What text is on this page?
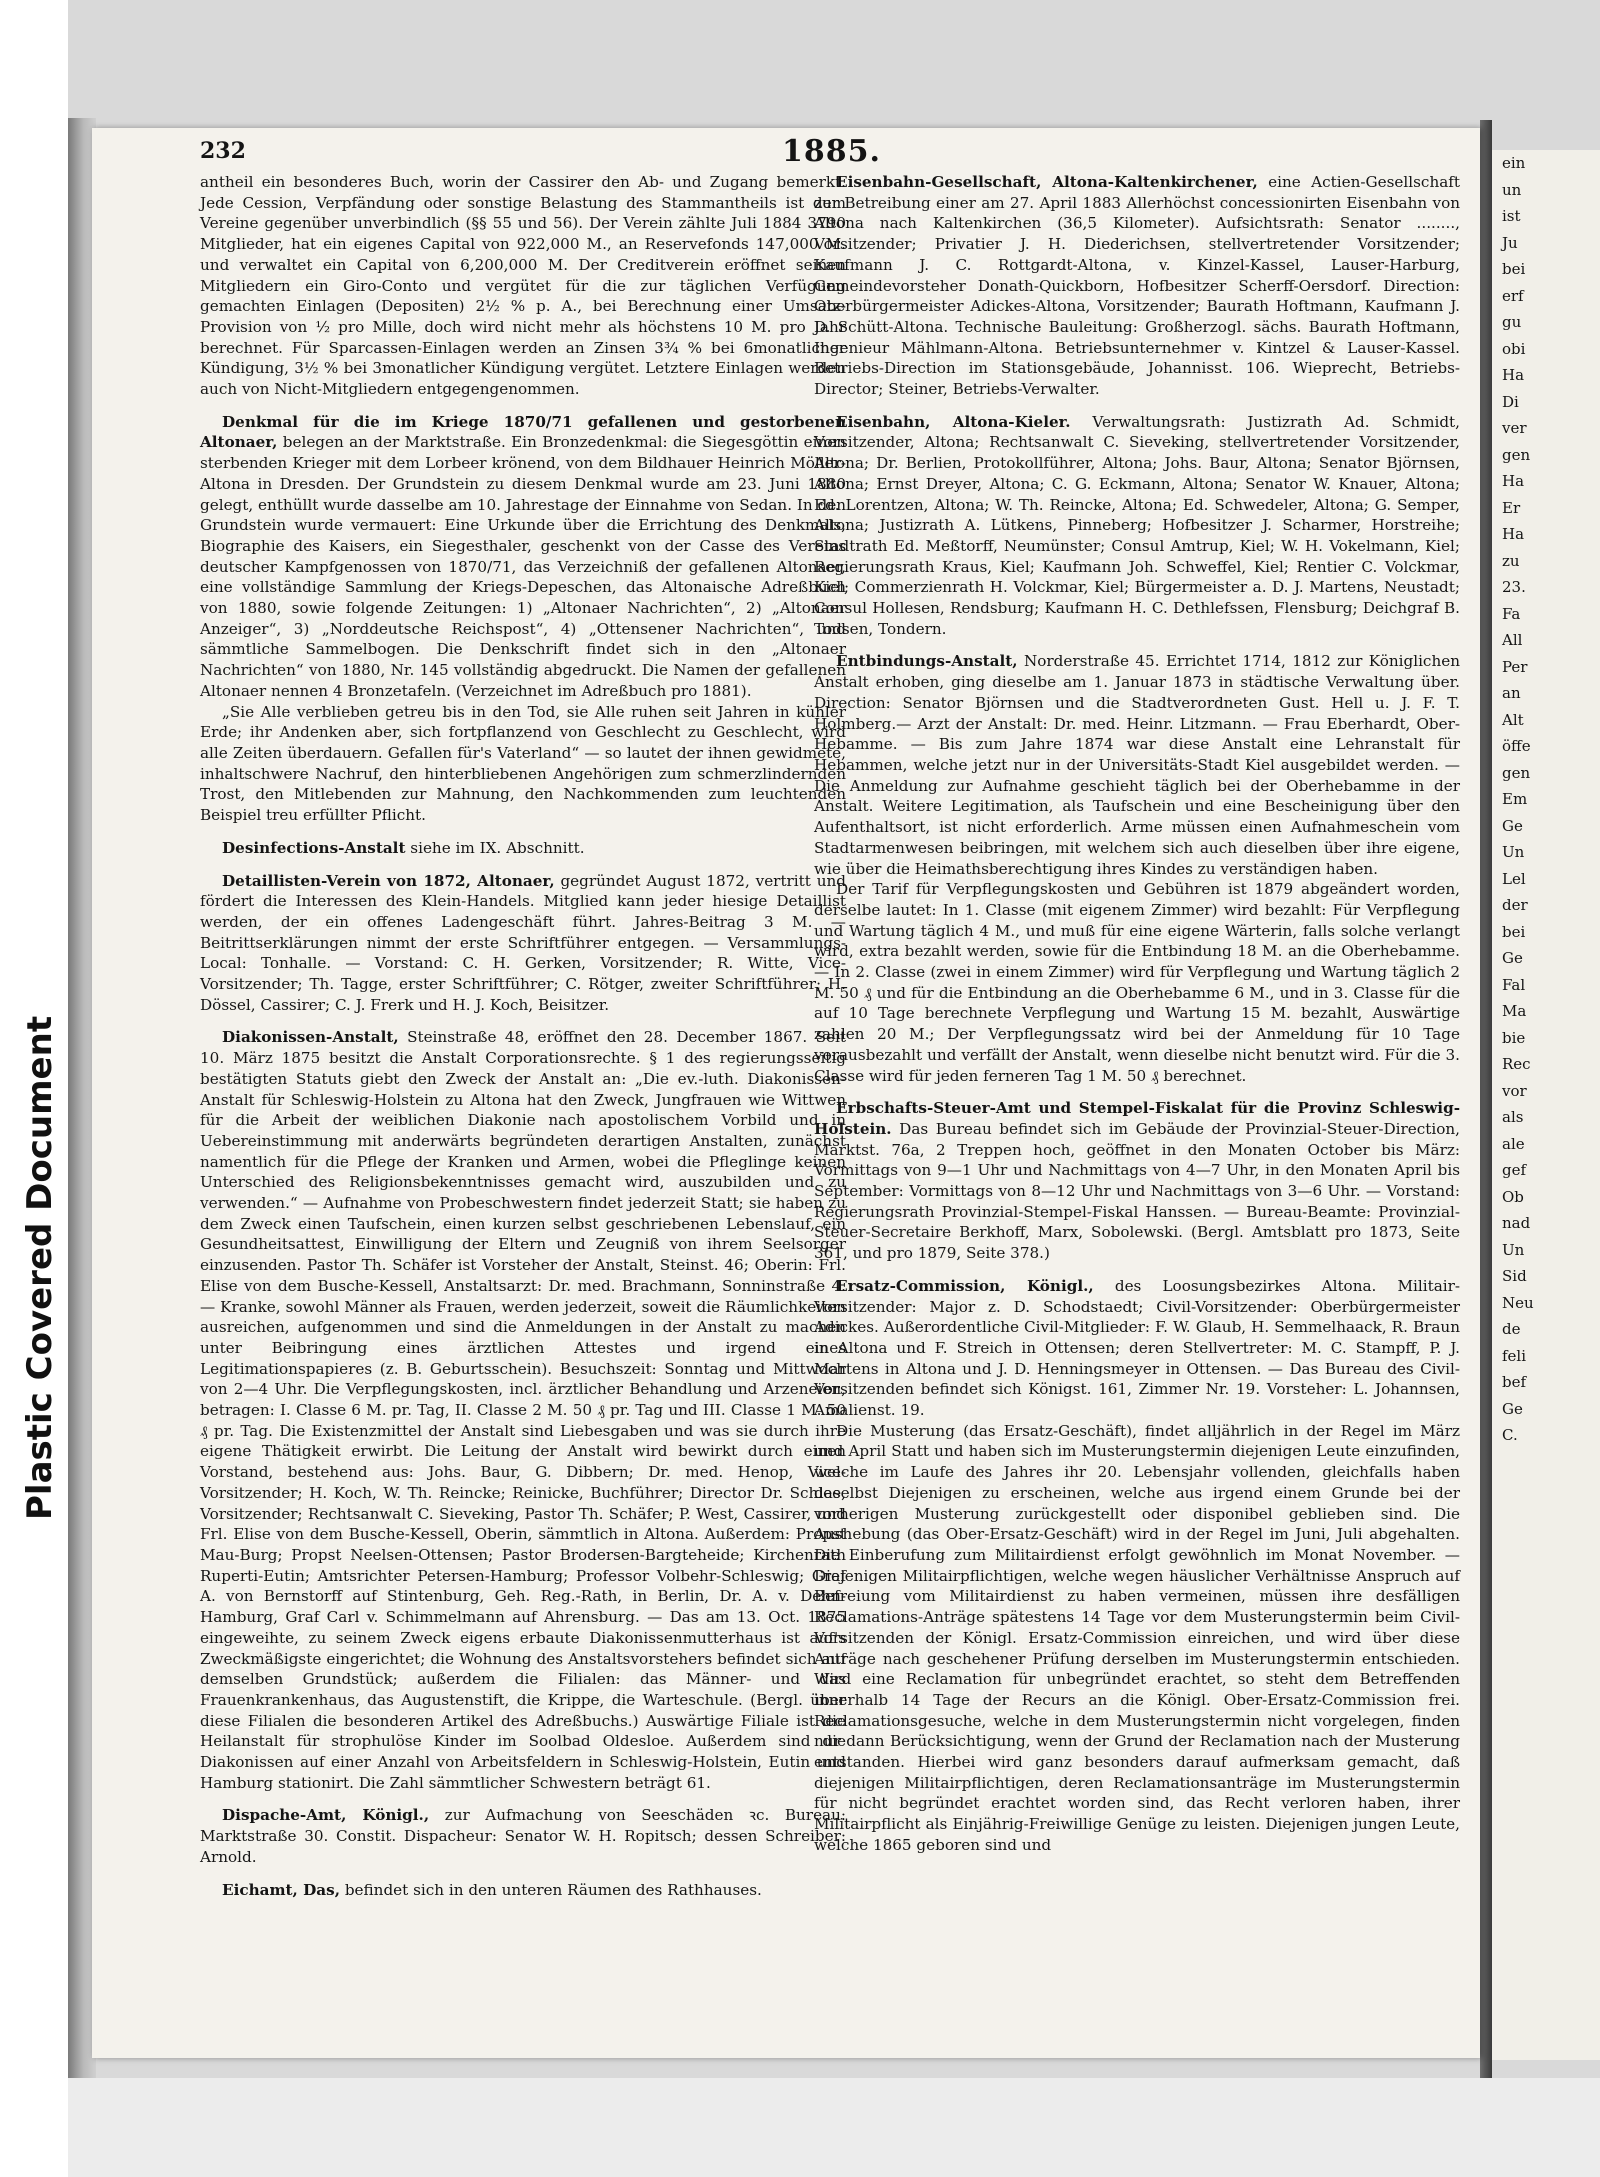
Plastic Covered Document
ein
un
ist
Ju
bei
erf
gu
obi
Ha
Di
ver
gen
Ha
Er
Ha
zu
23.
Fa
All
Per
an
Alt
öffe
gen
Em
Ge
Un
Lel
der
bei
Ge
Fal
Ma
bie
Rec
vor
als
ale
gef
Ob
nad
Un
Sid
Neu
de
feli
bef
Ge
C.
232	1885.
antheil ein besonderes Buch, worin der Cassirer den Ab- und Zugang bemerkt. Jede Cession, Verpfändung oder sonstige Belastung des Stammantheils ist dem Vereine gegenüber unverbindlich (§§ 55 und 56). Der Verein zählte Juli 1884 3790 Mitglieder, hat ein eigenes Capital von 922,000 M., an Reservefonds 147,000 M. und verwaltet ein Capital von 6,200,000 M. Der Creditverein eröffnet seinen Mitgliedern ein Giro-Conto und vergütet für die zur täglichen Verfügung gemachten Einlagen (Depositen) 2½ % p. A., bei Berechnung einer Umsatz-Provision von ½ pro Mille, doch wird nicht mehr als höchstens 10 M. pro Jahr berechnet. Für Sparcassen-Einlagen werden an Zinsen 3¾ % bei 6monatlicher Kündigung, 3½ % bei 3monatlicher Kündigung vergütet. Letztere Einlagen werden auch von Nicht-Mitgliedern entgegengenommen.
Denkmal für die im Kriege 1870/71 gefallenen und gestorbenen Altonaer, belegen an der Marktstraße. Ein Bronzedenkmal: die Siegesgöttin einen sterbenden Krieger mit dem Lorbeer krönend, von dem Bildhauer Heinrich Möller-Altona in Dresden. Der Grundstein zu diesem Denkmal wurde am 23. Juni 1880 gelegt, enthüllt wurde dasselbe am 10. Jahrestage der Einnahme von Sedan. In den Grundstein wurde vermauert: Eine Urkunde über die Errichtung des Denkmals, Biographie des Kaisers, ein Siegesthaler, geschenkt von der Casse des Vereins deutscher Kampfgenossen von 1870/71, das Verzeichniß der gefallenen Altonaer, eine vollständige Sammlung der Kriegs-Depeschen, das Altonaische Adreßbuch von 1880, sowie folgende Zeitungen: 1) „Altonaer Nachrichten“, 2) „Altonaer Anzeiger“, 3) „Norddeutsche Reichspost“, 4) „Ottensener Nachrichten“, und sämmtliche Sammelbogen. Die Denkschrift findet sich in den „Altonaer Nachrichten“ von 1880, Nr. 145 vollständig abgedruckt. Die Namen der gefallenen Altonaer nennen 4 Bronzetafeln. (Verzeichnet im Adreßbuch pro 1881).
„Sie Alle verblieben getreu bis in den Tod, sie Alle ruhen seit Jahren in kühler Erde; ihr Andenken aber, sich fortpflanzend von Geschlecht zu Geschlecht, wird alle Zeiten überdauern. Gefallen für's Vaterland“ — so lautet der ihnen gewidmete, inhaltschwere Nachruf, den hinterbliebenen Angehörigen zum schmerzlindernden Trost, den Mitlebenden zur Mahnung, den Nachkommenden zum leuchtenden Beispiel treu erfüllter Pflicht.
Desinfections-Anstalt siehe im IX. Abschnitt.
Detaillisten-Verein von 1872, Altonaer, gegründet August 1872, vertritt und fördert die Interessen des Klein-Handels. Mitglied kann jeder hiesige Detaillist werden, der ein offenes Ladengeschäft führt. Jahres-Beitrag 3 M. — Beitrittserklärungen nimmt der erste Schriftführer entgegen. — Versammlungs-Local: Tonhalle. — Vorstand: C. H. Gerken, Vorsitzender; R. Witte, Vice-Vorsitzender; Th. Tagge, erster Schriftführer; C. Rötger, zweiter Schriftführer; H. Dössel, Cassirer; C. J. Frerk und H. J. Koch, Beisitzer.
Diakonissen-Anstalt, Steinstraße 48, eröffnet den 28. December 1867. Seit 10. März 1875 besitzt die Anstalt Corporationsrechte. § 1 des regierungsseitig bestätigten Statuts giebt den Zweck der Anstalt an: „Die ev.-luth. Diakonissen-Anstalt für Schleswig-Holstein zu Altona hat den Zweck, Jungfrauen wie Wittwen für die Arbeit der weiblichen Diakonie nach apostolischem Vorbild und in Uebereinstimmung mit anderwärts begründeten derartigen Anstalten, zunächst namentlich für die Pflege der Kranken und Armen, wobei die Pfleglinge keinen Unterschied des Religionsbekenntnisses gemacht wird, auszubilden und zu verwenden.“ — Aufnahme von Probeschwestern findet jederzeit Statt; sie haben zu dem Zweck einen Taufschein, einen kurzen selbst geschriebenen Lebenslauf, ein Gesundheitsattest, Einwilligung der Eltern und Zeugniß von ihrem Seelsorger einzusenden. Pastor Th. Schäfer ist Vorsteher der Anstalt, Steinst. 46; Oberin: Frl. Elise von dem Busche-Kessell, Anstaltsarzt: Dr. med. Brachmann, Sonninstraße 4. — Kranke, sowohl Männer als Frauen, werden jederzeit, soweit die Räumlichkeiten ausreichen, aufgenommen und sind die Anmeldungen in der Anstalt zu machen unter Beibringung eines ärztlichen Attestes und irgend eines Legitimationspapieres (z. B. Geburtsschein). Besuchszeit: Sonntag und Mittwoch von 2—4 Uhr. Die Verpflegungskosten, incl. ärztlicher Behandlung und Arzeneien, betragen: I. Classe 6 M. pr. Tag, II. Classe 2 M. 50 ₰ pr. Tag und III. Classe 1 M. 50 ₰ pr. Tag. Die Existenzmittel der Anstalt sind Liebesgaben und was sie durch ihre eigene Thätigkeit erwirbt. Die Leitung der Anstalt wird bewirkt durch einen Vorstand, bestehend aus: Johs. Baur, G. Dibbern; Dr. med. Henop, Vice-Vorsitzender; H. Koch, W. Th. Reincke; Reinicke, Buchführer; Director Dr. Schlee, Vorsitzender; Rechtsanwalt C. Sieveking, Pastor Th. Schäfer; P. West, Cassirer, und Frl. Elise von dem Busche-Kessell, Oberin, sämmtlich in Altona. Außerdem: Propst Mau-Burg; Propst Neelsen-Ottensen; Pastor Brodersen-Bargteheide; Kirchenrath Ruperti-Eutin; Amtsrichter Petersen-Hamburg; Professor Volbehr-Schleswig; Graf A. von Bernstorff auf Stintenburg, Geh. Reg.-Rath, in Berlin, Dr. A. v. Dehn-Hamburg, Graf Carl v. Schimmelmann auf Ahrensburg. — Das am 13. Oct. 1875 eingeweihte, zu seinem Zweck eigens erbaute Diakonissenmutterhaus ist auf's Zweckmäßigste eingerichtet; die Wohnung des Anstaltsvorstehers befindet sich auf demselben Grundstück; außerdem die Filialen: das Männer- und das Frauenkrankenhaus, das Augustenstift, die Krippe, die Warteschule. (Bergl. über diese Filialen die besonderen Artikel des Adreßbuchs.) Auswärtige Filiale ist die Heilanstalt für strophulöse Kinder im Soolbad Oldesloe. Außerdem sind die Diakonissen auf einer Anzahl von Arbeitsfeldern in Schleswig-Holstein, Eutin und Hamburg stationirt. Die Zahl sämmtlicher Schwestern beträgt 61.
Dispache-Amt, Königl., zur Aufmachung von Seeschäden ꝛc. Bureau: Marktstraße 30. Constit. Dispacheur: Senator W. H. Ropitsch; dessen Schreiber: Arnold.
Eichamt, Das, befindet sich in den unteren Räumen des Rathhauses.
Eisenbahn-Gesellschaft, Altona-Kaltenkirchener, eine Actien-Gesellschaft zur Betreibung einer am 27. April 1883 Allerhöchst concessionirten Eisenbahn von Altona nach Kaltenkirchen (36,5 Kilometer). Aufsichtsrath: Senator ........, Vorsitzender; Privatier J. H. Diederichsen, stellvertretender Vorsitzender; Kaufmann J. C. Rottgardt-Altona, v. Kinzel-Kassel, Lauser-Harburg, Gemeindevorsteher Donath-Quickborn, Hofbesitzer Scherff-Oersdorf. Direction: Oberbürgermeister Adickes-Altona, Vorsitzender; Baurath Hoftmann, Kaufmann J. D. Schütt-Altona. Technische Bauleitung: Großherzogl. sächs. Baurath Hoftmann, Ingenieur Mählmann-Altona. Betriebsunternehmer v. Kintzel & Lauser-Kassel. Betriebs-Direction im Stationsgebäude, Johannisst. 106. Wieprecht, Betriebs-Director; Steiner, Betriebs-Verwalter.
Eisenbahn, Altona-Kieler. Verwaltungsrath: Justizrath Ad. Schmidt, Vorsitzender, Altona; Rechtsanwalt C. Sieveking, stellvertretender Vorsitzender, Altona; Dr. Berlien, Protokollführer, Altona; Johs. Baur, Altona; Senator Björnsen, Altona; Ernst Dreyer, Altona; C. G. Eckmann, Altona; Senator W. Knauer, Altona; Ed. Lorentzen, Altona; W. Th. Reincke, Altona; Ed. Schwedeler, Altona; G. Semper, Altona; Justizrath A. Lütkens, Pinneberg; Hofbesitzer J. Scharmer, Horstreihe; Stadtrath Ed. Meßtorff, Neumünster; Consul Amtrup, Kiel; W. H. Vokelmann, Kiel; Regierungsrath Kraus, Kiel; Kaufmann Joh. Schweffel, Kiel; Rentier C. Volckmar, Kiel; Commerzienrath H. Volckmar, Kiel; Bürgermeister a. D. J. Martens, Neustadt; Consul Hollesen, Rendsburg; Kaufmann H. C. Dethlefssen, Flensburg; Deichgraf B. Todsen, Tondern.
Entbindungs-Anstalt, Norderstraße 45. Errichtet 1714, 1812 zur Königlichen Anstalt erhoben, ging dieselbe am 1. Januar 1873 in städtische Verwaltung über. Direction: Senator Björnsen und die Stadtverordneten Gust. Hell u. J. F. T. Holmberg.— Arzt der Anstalt: Dr. med. Heinr. Litzmann. — Frau Eberhardt, Ober-Hebamme. — Bis zum Jahre 1874 war diese Anstalt eine Lehranstalt für Hebammen, welche jetzt nur in der Universitäts-Stadt Kiel ausgebildet werden. — Die Anmeldung zur Aufnahme geschieht täglich bei der Oberhebamme in der Anstalt. Weitere Legitimation, als Taufschein und eine Bescheinigung über den Aufenthaltsort, ist nicht erforderlich. Arme müssen einen Aufnahmeschein vom Stadtarmenwesen beibringen, mit welchem sich auch dieselben über ihre eigene, wie über die Heimathsberechtigung ihres Kindes zu verständigen haben.
Der Tarif für Verpflegungskosten und Gebühren ist 1879 abgeändert worden, derselbe lautet: In 1. Classe (mit eigenem Zimmer) wird bezahlt: Für Verpflegung und Wartung täglich 4 M., und muß für eine eigene Wärterin, falls solche verlangt wird, extra bezahlt werden, sowie für die Entbindung 18 M. an die Oberhebamme. — In 2. Classe (zwei in einem Zimmer) wird für Verpflegung und Wartung täglich 2 M. 50 ₰ und für die Entbindung an die Oberhebamme 6 M., und in 3. Classe für die auf 10 Tage berechnete Verpflegung und Wartung 15 M. bezahlt, Auswärtige zahlen 20 M.; Der Verpflegungssatz wird bei der Anmeldung für 10 Tage vorausbezahlt und verfällt der Anstalt, wenn dieselbe nicht benutzt wird. Für die 3. Classe wird für jeden ferneren Tag 1 M. 50 ₰ berechnet.
Erbschafts-Steuer-Amt und Stempel-Fiskalat für die Provinz Schleswig-Holstein. Das Bureau befindet sich im Gebäude der Provinzial-Steuer-Direction, Marktst. 76a, 2 Treppen hoch, geöffnet in den Monaten October bis März: Vormittags von 9—1 Uhr und Nachmittags von 4—7 Uhr, in den Monaten April bis September: Vormittags von 8—12 Uhr und Nachmittags von 3—6 Uhr. — Vorstand: Regierungsrath Provinzial-Stempel-Fiskal Hanssen. — Bureau-Beamte: Provinzial-Steuer-Secretaire Berkhoff, Marx, Sobolewski. (Bergl. Amtsblatt pro 1873, Seite 361, und pro 1879, Seite 378.)
Ersatz-Commission, Königl., des Loosungsbezirkes Altona. Militair-Vorsitzender: Major z. D. Schodstaedt; Civil-Vorsitzender: Oberbürgermeister Adickes. Außerordentliche Civil-Mitglieder: F. W. Glaub, H. Semmelhaack, R. Braun in Altona und F. Streich in Ottensen; deren Stellvertreter: M. C. Stampff, P. J. Martens in Altona und J. D. Henningsmeyer in Ottensen. — Das Bureau des Civil-Vorsitzenden befindet sich Königst. 161, Zimmer Nr. 19. Vorsteher: L. Johannsen, Amalienst. 19.
Die Musterung (das Ersatz-Geschäft), findet alljährlich in der Regel im März und April Statt und haben sich im Musterungstermin diejenigen Leute einzufinden, welche im Laufe des Jahres ihr 20. Lebensjahr vollenden, gleichfalls haben daselbst Diejenigen zu erscheinen, welche aus irgend einem Grunde bei der vorherigen Musterung zurückgestellt oder disponibel geblieben sind. Die Aushebung (das Ober-Ersatz-Geschäft) wird in der Regel im Juni, Juli abgehalten. Die Einberufung zum Militairdienst erfolgt gewöhnlich im Monat November. — Diejenigen Militairpflichtigen, welche wegen häuslicher Verhältnisse Anspruch auf Befreiung vom Militairdienst zu haben vermeinen, müssen ihre desfälligen Reclamations-Anträge spätestens 14 Tage vor dem Musterungstermin beim Civil-Vorsitzenden der Königl. Ersatz-Commission einreichen, und wird über diese Anträge nach geschehener Prüfung derselben im Musterungstermin entschieden. Wird eine Reclamation für unbegründet erachtet, so steht dem Betreffenden innerhalb 14 Tage der Recurs an die Königl. Ober-Ersatz-Commission frei. Reclamationsgesuche, welche in dem Musterungstermin nicht vorgelegen, finden nur dann Berücksichtigung, wenn der Grund der Reclamation nach der Musterung entstanden. Hierbei wird ganz besonders darauf aufmerksam gemacht, daß diejenigen Militairpflichtigen, deren Reclamationsanträge im Musterungstermin für nicht begründet erachtet worden sind, das Recht verloren haben, ihrer Militairpflicht als Einjährig-Freiwillige Genüge zu leisten. Diejenigen jungen Leute, welche 1865 geboren sind und
